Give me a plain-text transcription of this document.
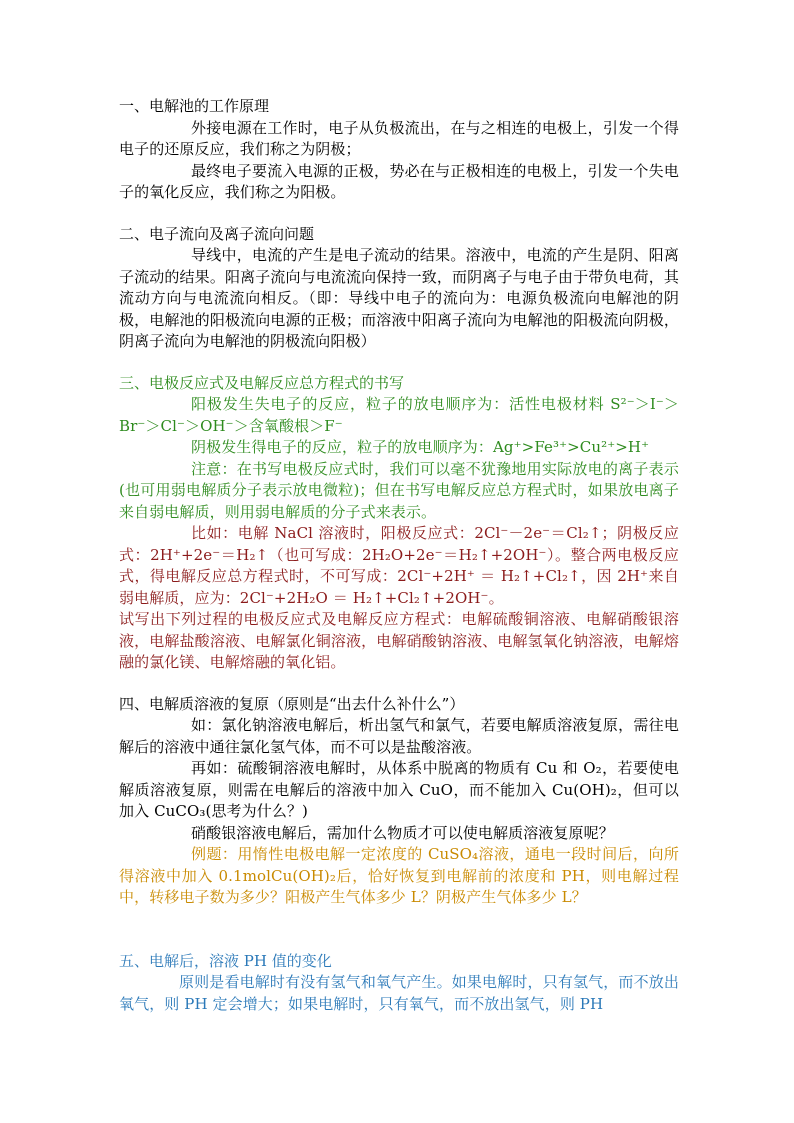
一、电解池的工作原理

外接电源在工作时，电子从负极流出，在与之相连的电极上，引发一个得电子的还原反应，我们称之为阴极；

最终电子要流入电源的正极，势必在与正极相连的电极上，引发一个失电子的氧化反应，我们称之为阳极。

二、电子流向及离子流向问题

导线中，电流的产生是电子流动的结果。溶液中，电流的产生是阴、阳离子流动的结果。阳离子流向与电流流向保持一致，而阴离子与电子由于带负电荷，其流动方向与电流流向相反。（即：导线中电子的流向为：电源负极流向电解池的阴极，电解池的阳极流向电源的正极；而溶液中阳离子流向为电解池的阳极流向阴极，阴离子流向为电解池的阴极流向阳极）

三、电极反应式及电解反应总方程式的书写

阳极发生失电子的反应，粒子的放电顺序为：活性电极材料 S²⁻＞I⁻＞Br⁻＞Cl⁻＞OH⁻＞含氧酸根＞F⁻

阴极发生得电子的反应，粒子的放电顺序为：Ag⁺>Fe³⁺>Cu²⁺>H⁺

注意：在书写电极反应式时，我们可以毫不犹豫地用实际放电的离子表示(也可用弱电解质分子表示放电微粒)；但在书写电解反应总方程式时，如果放电离子来自弱电解质，则用弱电解质的分子式来表示。

比如：电解 NaCl 溶液时，阳极反应式：2Cl⁻－2e⁻＝Cl₂↑；阴极反应式：2H⁺+2e⁻＝H₂↑（也可写成：2H₂O+2e⁻＝H₂↑+2OH⁻）。整合两电极反应式，得电解反应总方程式时，不可写成：2Cl⁻+2H⁺ ＝ H₂↑+Cl₂↑，因 2H⁺来自弱电解质，应为：2Cl⁻+2H₂O ＝ H₂↑+Cl₂↑+2OH⁻。

试写出下列过程的电极反应式及电解反应方程式：电解硫酸铜溶液、电解硝酸银溶液，电解盐酸溶液、电解氯化铜溶液，电解硝酸钠溶液、电解氢氧化钠溶液，电解熔融的氯化镁、电解熔融的氧化铝。

四、电解质溶液的复原（原则是“出去什么补什么”）

如：氯化钠溶液电解后，析出氢气和氯气，若要电解质溶液复原，需往电解后的溶液中通往氯化氢气体，而不可以是盐酸溶液。

再如：硫酸铜溶液电解时，从体系中脱离的物质有 Cu 和 O₂，若要使电解质溶液复原，则需在电解后的溶液中加入 CuO，而不能加入 Cu(OH)₂，但可以加入 CuCO₃(思考为什么？)

硝酸银溶液电解后，需加什么物质才可以使电解质溶液复原呢？

例题：用惰性电极电解一定浓度的 CuSO₄溶液，通电一段时间后，向所得溶液中加入 0.1molCu(OH)₂后，恰好恢复到电解前的浓度和 PH，则电解过程中，转移电子数为多少？阳极产生气体多少 L？阴极产生气体多少 L？

五、电解后，溶液 PH 值的变化

原则是看电解时有没有氢气和氧气产生。如果电解时，只有氢气，而不放出氧气，则 PH 定会增大；如果电解时，只有氧气，而不放出氢气，则 PH
